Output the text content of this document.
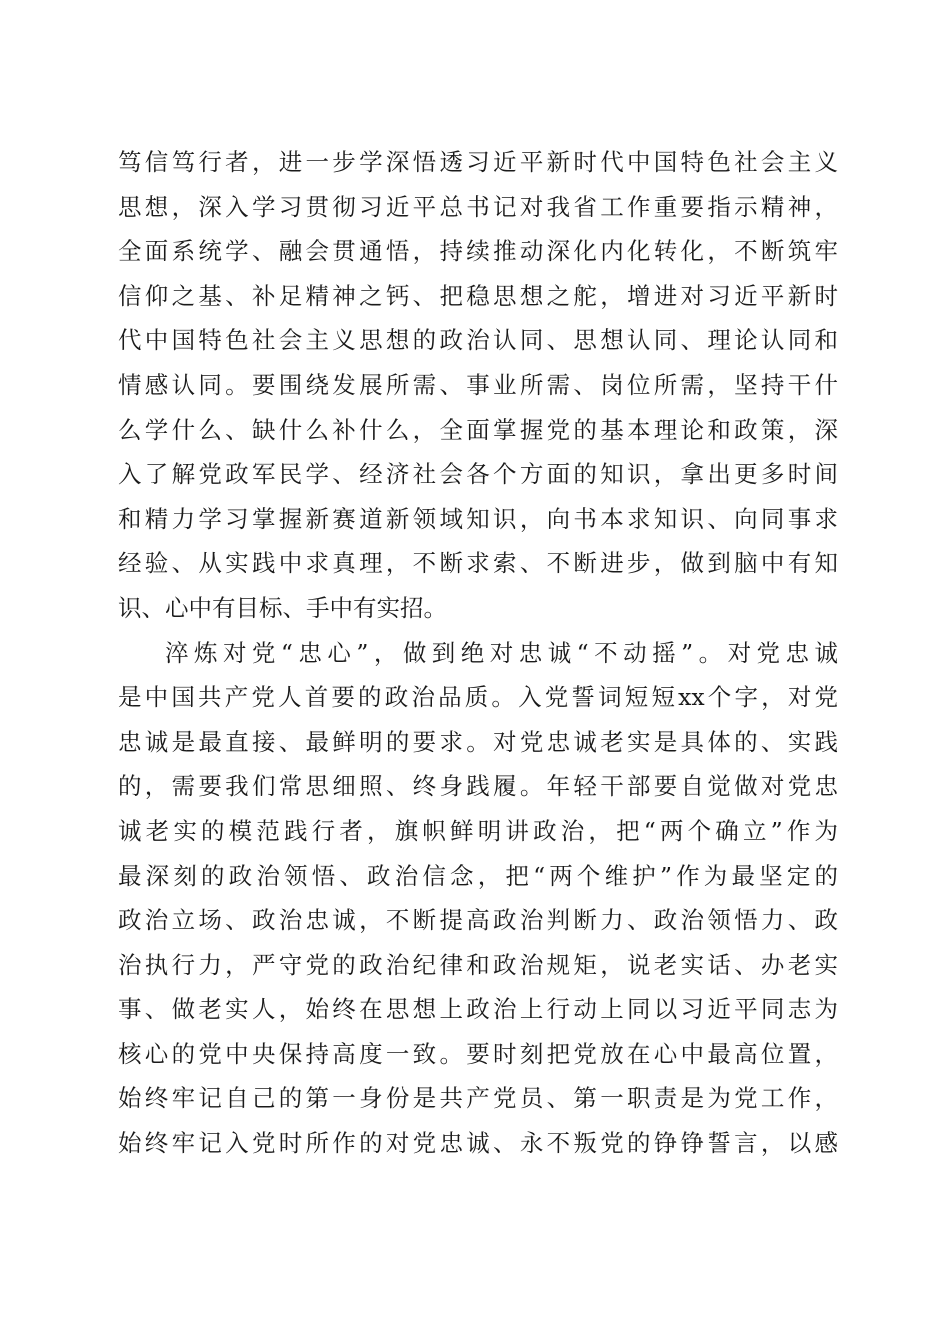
笃信笃行者，进一步学深悟透习近平新时代中国特色社会主义
思想，深入学习贯彻习近平总书记对我省工作重要指示精神，
全面系统学、融会贯通悟，持续推动深化内化转化，不断筑牢
信仰之基、补足精神之钙、把稳思想之舵，增进对习近平新时
代中国特色社会主义思想的政治认同、思想认同、理论认同和
情感认同。要围绕发展所需、事业所需、岗位所需，坚持干什
么学什么、缺什么补什么，全面掌握党的基本理论和政策，深
入了解党政军民学、经济社会各个方面的知识，拿出更多时间
和精力学习掌握新赛道新领域知识，向书本求知识、向同事求
经验、从实践中求真理，不断求索、不断进步，做到脑中有知
识、心中有目标、手中有实招。
淬炼对党“忠心”，做到绝对忠诚“不动摇”。对党忠诚
是中国共产党人首要的政治品质。入党誓词短短xx个字，对党
忠诚是最直接、最鲜明的要求。对党忠诚老实是具体的、实践
的，需要我们常思细照、终身践履。年轻干部要自觉做对党忠
诚老实的模范践行者，旗帜鲜明讲政治，把“两个确立”作为
最深刻的政治领悟、政治信念，把“两个维护”作为最坚定的
政治立场、政治忠诚，不断提高政治判断力、政治领悟力、政
治执行力，严守党的政治纪律和政治规矩，说老实话、办老实
事、做老实人，始终在思想上政治上行动上同以习近平同志为
核心的党中央保持高度一致。要时刻把党放在心中最高位置，
始终牢记自己的第一身份是共产党员、第一职责是为党工作，
始终牢记入党时所作的对党忠诚、永不叛党的铮铮誓言，以感
